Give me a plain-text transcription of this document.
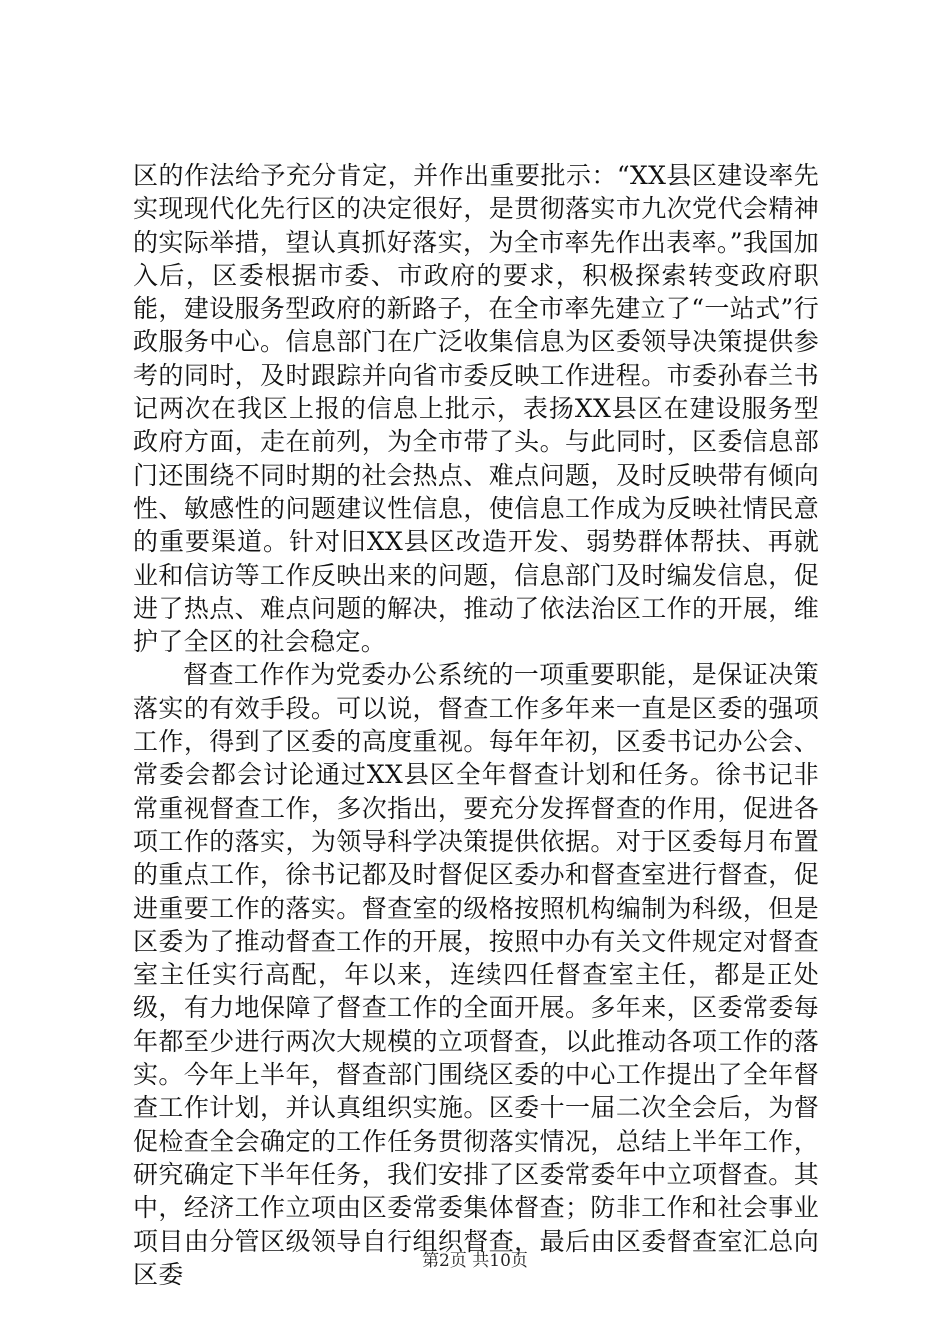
区的作法给予充分肯定，并作出重要批示：“XX县区建设率先实现现代化先行区的决定很好，是贯彻落实市九次党代会精神的实际举措，望认真抓好落实，为全市率先作出表率。”我国加入后，区委根据市委、市政府的要求，积极探索转变政府职能，建设服务型政府的新路子，在全市率先建立了“一站式”行政服务中心。信息部门在广泛收集信息为区委领导决策提供参考的同时，及时跟踪并向省市委反映工作进程。市委孙春兰书记两次在我区上报的信息上批示，表扬XX县区在建设服务型政府方面，走在前列，为全市带了头。与此同时，区委信息部门还围绕不同时期的社会热点、难点问题，及时反映带有倾向性、敏感性的问题建议性信息，使信息工作成为反映社情民意的重要渠道。针对旧XX县区改造开发、弱势群体帮扶、再就业和信访等工作反映出来的问题，信息部门及时编发信息，促进了热点、难点问题的解决，推动了依法治区工作的开展，维护了全区的社会稳定。

督查工作作为党委办公系统的一项重要职能，是保证决策落实的有效手段。可以说，督查工作多年来一直是区委的强项工作，得到了区委的高度重视。每年年初，区委书记办公会、常委会都会讨论通过XX县区全年督查计划和任务。徐书记非常重视督查工作，多次指出，要充分发挥督查的作用，促进各项工作的落实，为领导科学决策提供依据。对于区委每月布置的重点工作，徐书记都及时督促区委办和督查室进行督查，促进重要工作的落实。督查室的级格按照机构编制为科级，但是区委为了推动督查工作的开展，按照中办有关文件规定对督查室主任实行高配，年以来，连续四任督查室主任，都是正处级，有力地保障了督查工作的全面开展。多年来，区委常委每年都至少进行两次大规模的立项督查，以此推动各项工作的落实。今年上半年，督查部门围绕区委的中心工作提出了全年督查工作计划，并认真组织实施。区委十一届二次全会后，为督促检查全会确定的工作任务贯彻落实情况，总结上半年工作，研究确定下半年任务，我们安排了区委常委年中立项督查。其中，经济工作立项由区委常委集体督查；防非工作和社会事业项目由分管区级领导自行组织督查，最后由区委督查室汇总向区委	第2页 共10页
